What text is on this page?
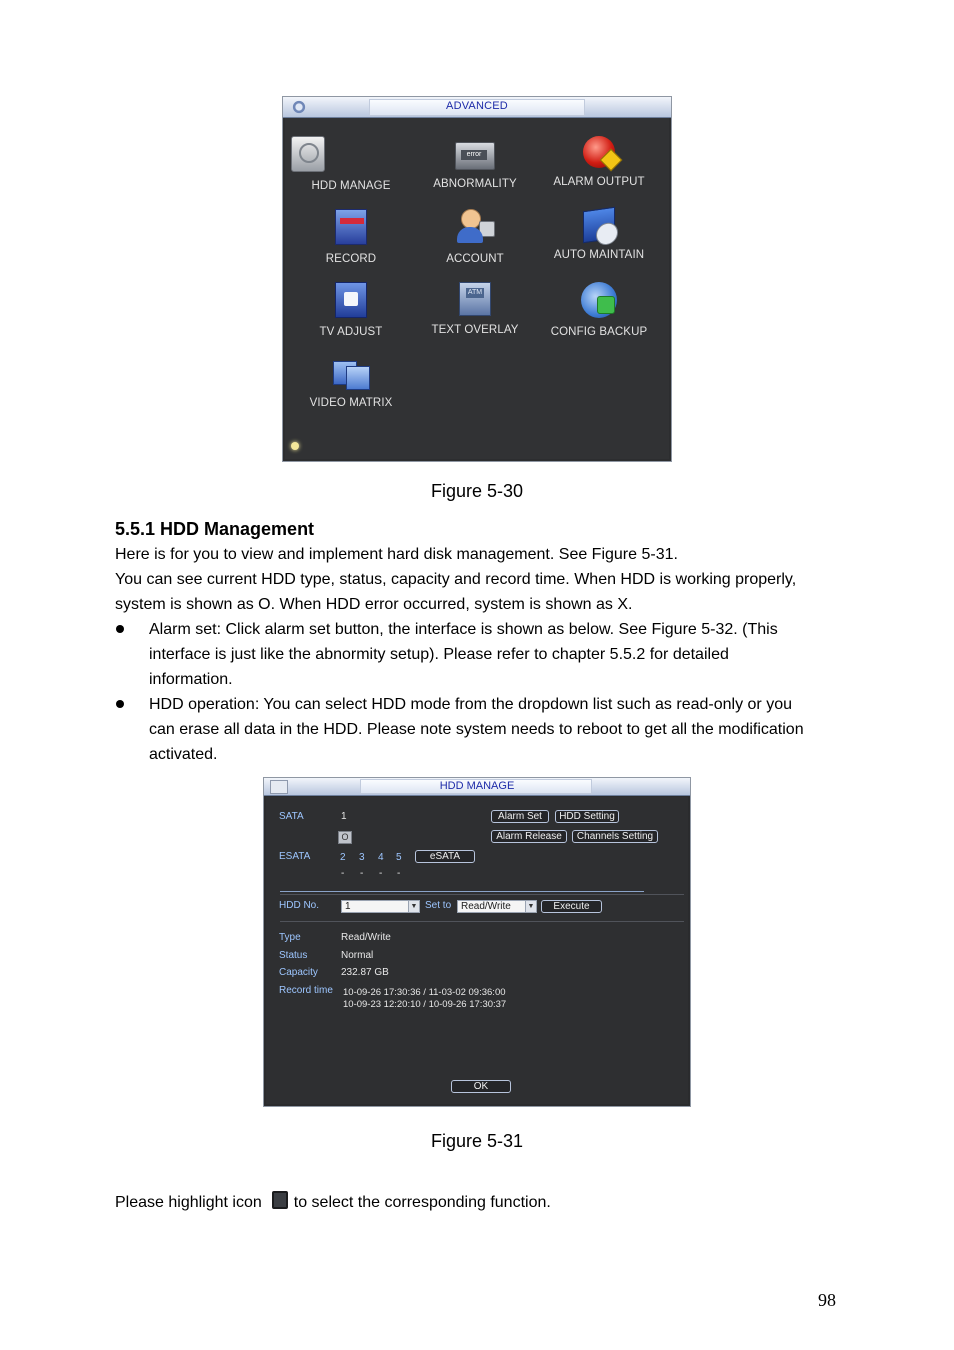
ADVANCED
HDD MANAGE
error
ABNORMALITY	ALARM OUTPUT
RECORD	ACCOUNT	AUTO MAINTAIN
TV ADJUST
ATM
TEXT OVERLAY	CONFIG BACKUP
VIDEO MATRIX
Figure 5-30
5.5.1 HDD Management
Here is for you to view and implement hard disk management. See Figure 5-31.
You can see current HDD type, status, capacity and record time. When HDD is working properly,
system is shown as O. When HDD error occurred, system is shown as X.
Alarm set: Click alarm set button, the interface is shown as below. See Figure 5-32. (This
interface is just like the abnormity setup). Please refer to chapter 5.5.2 for detailed
information.
HDD operation: You can select HDD mode from the dropdown list such as read-only or you
can erase all data in the HDD. Please note system needs to reboot to get all the modification
activated.
HDD MANAGE
SATA	1
O
ESATA	2 3 4 5
- - - -
Alarm Set	HDD Setting
Alarm Release	Channels Setting
eSATA
HDD No.	1	▼ Set to Read/Write	▼	Execute
Type	Read/Write
Status	Normal
Capacity 232.87 GB
Record time 10-09-26 17:30:36 / 11-03-02 09:36:00
10-09-23 12:20:10 / 10-09-26 17:30:37
OK
Figure 5-31
Please highlight icon to select the corresponding function.
98
